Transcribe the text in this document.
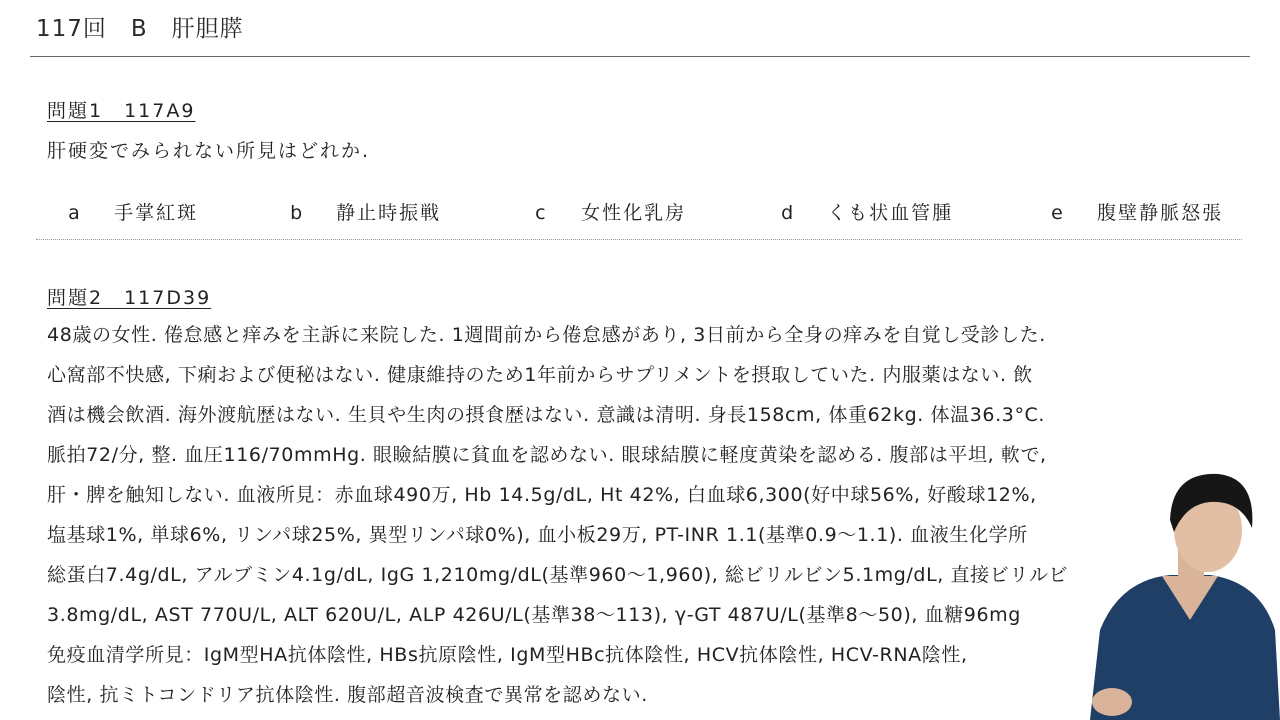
117回　B　肝胆膵
問題1　117A9
肝硬変でみられない所見はどれか.

a 手掌紅斑	b 静止時振戦	c 女性化乳房	d くも状血管腫	e 腹壁静脈怒張

問題2　117D39
48歳の女性. 倦怠感と痒みを主訴に来院した. 1週間前から倦怠感があり, 3日前から全身の痒みを自覚し受診した.
心窩部不快感, 下痢および便秘はない. 健康維持のため1年前からサプリメントを摂取していた. 内服薬はない. 飲
酒は機会飲酒. 海外渡航歴はない. 生貝や生肉の摂食歴はない. 意識は清明. 身長158cm, 体重62kg. 体温36.3°C.
脈拍72/分, 整. 血圧116/70mmHg. 眼瞼結膜に貧血を認めない. 眼球結膜に軽度黄染を認める. 腹部は平坦, 軟で,
肝・脾を触知しない. 血液所見：赤血球490万, Hb 14.5g/dL, Ht 42%, 白血球6,300(好中球56%, 好酸球12%,
塩基球1%, 単球6%, リンパ球25%, 異型リンパ球0%), 血小板29万, PT-INR 1.1(基準0.9〜1.1). 血液生化学所
総蛋白7.4g/dL, アルブミン4.1g/dL, IgG 1,210mg/dL(基準960〜1,960), 総ビリルビン5.1mg/dL, 直接ビリルビ
3.8mg/dL, AST 770U/L, ALT 620U/L, ALP 426U/L(基準38〜113), γ-GT 487U/L(基準8〜50), 血糖96mg
免疫血清学所見：IgM型HA抗体陰性, HBs抗原陰性, IgM型HBc抗体陰性, HCV抗体陰性, HCV-RNA陰性,
陰性, 抗ミトコンドリア抗体陰性. 腹部超音波検査で異常を認めない.
